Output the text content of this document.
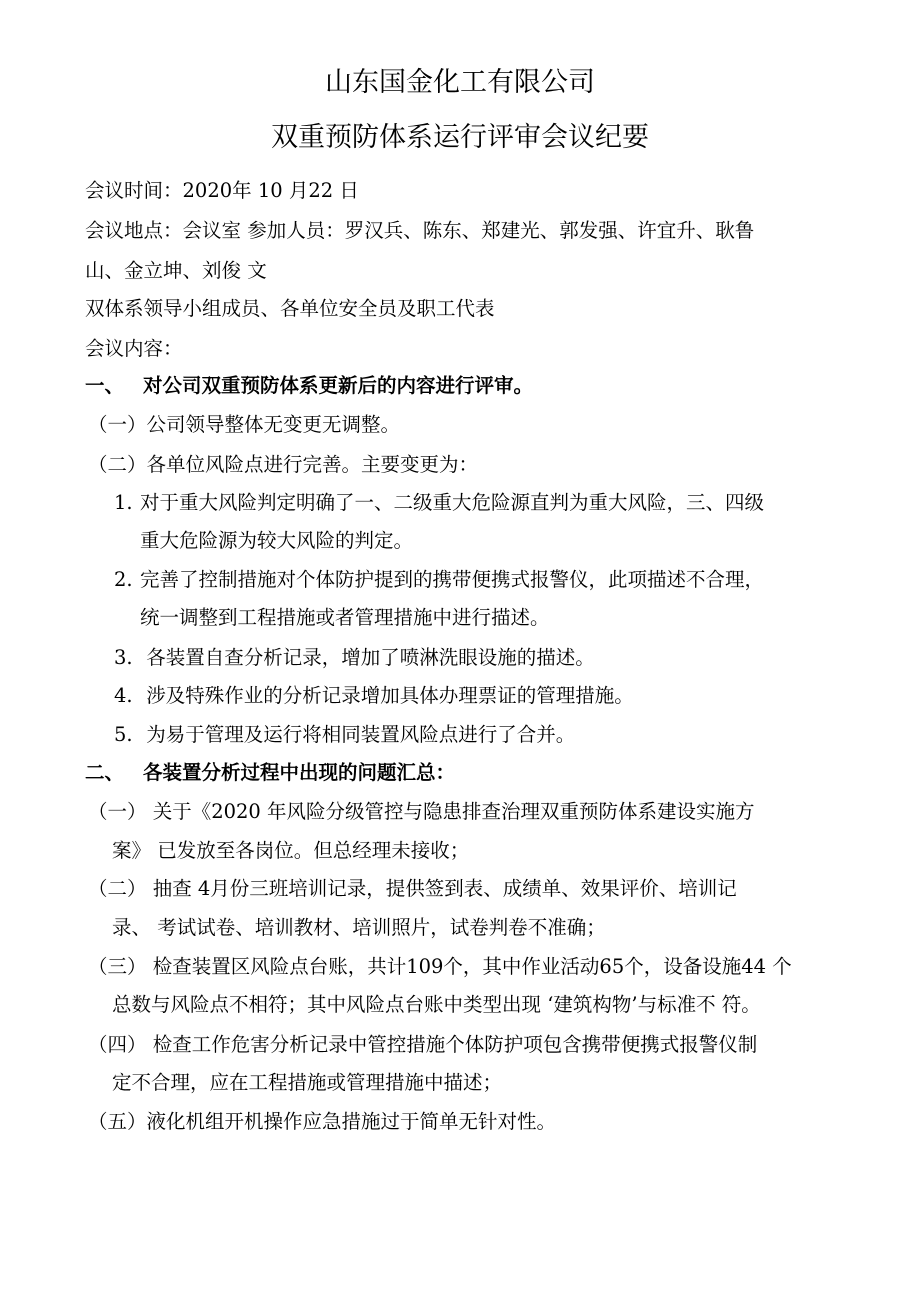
山东国金化工有限公司
双重预防体系运行评审会议纪要
会议时间：2020年 10 月22 日
会议地点：会议室 参加人员：罗汉兵、陈东、郑建光、郭发强、许宜升、耿鲁
山、金立坤、刘俊 文
双体系领导小组成员、各单位安全员及职工代表
会议内容：
一、 对公司双重预防体系更新后的内容进行评审。
（一）公司领导整体无变更无调整。
（二）各单位风险点进行完善。主要变更为：
1. 对于重大风险判定明确了一、二级重大危险源直判为重大风险，三、四级
重大危险源为较大风险的判定。
2. 完善了控制措施对个体防护提到的携带便携式报警仪，此项描述不合理，
统一调整到工程措施或者管理措施中进行描述。
3. 各装置自查分析记录，增加了喷淋洗眼设施的描述。
4. 涉及特殊作业的分析记录增加具体办理票证的管理措施。
5. 为易于管理及运行将相同装置风险点进行了合并。
二、 各装置分析过程中出现的问题汇总：
（一） 关于《2020 年风险分级管控与隐患排查治理双重预防体系建设实施方
案》 已发放至各岗位。但总经理未接收；
（二） 抽查 4月份三班培训记录，提供签到表、成绩单、效果评价、培训记
录、 考试试卷、培训教材、培训照片，试卷判卷不准确；
（三） 检查装置区风险点台账，共计109个，其中作业活动65个，设备设施44 个
总数与风险点不相符；其中风险点台账中类型出现 ‘建筑构物’与标准不 符。
（四） 检查工作危害分析记录中管控措施个体防护项包含携带便携式报警仪制
定不合理，应在工程措施或管理措施中描述；
（五）液化机组开机操作应急措施过于简单无针对性。
